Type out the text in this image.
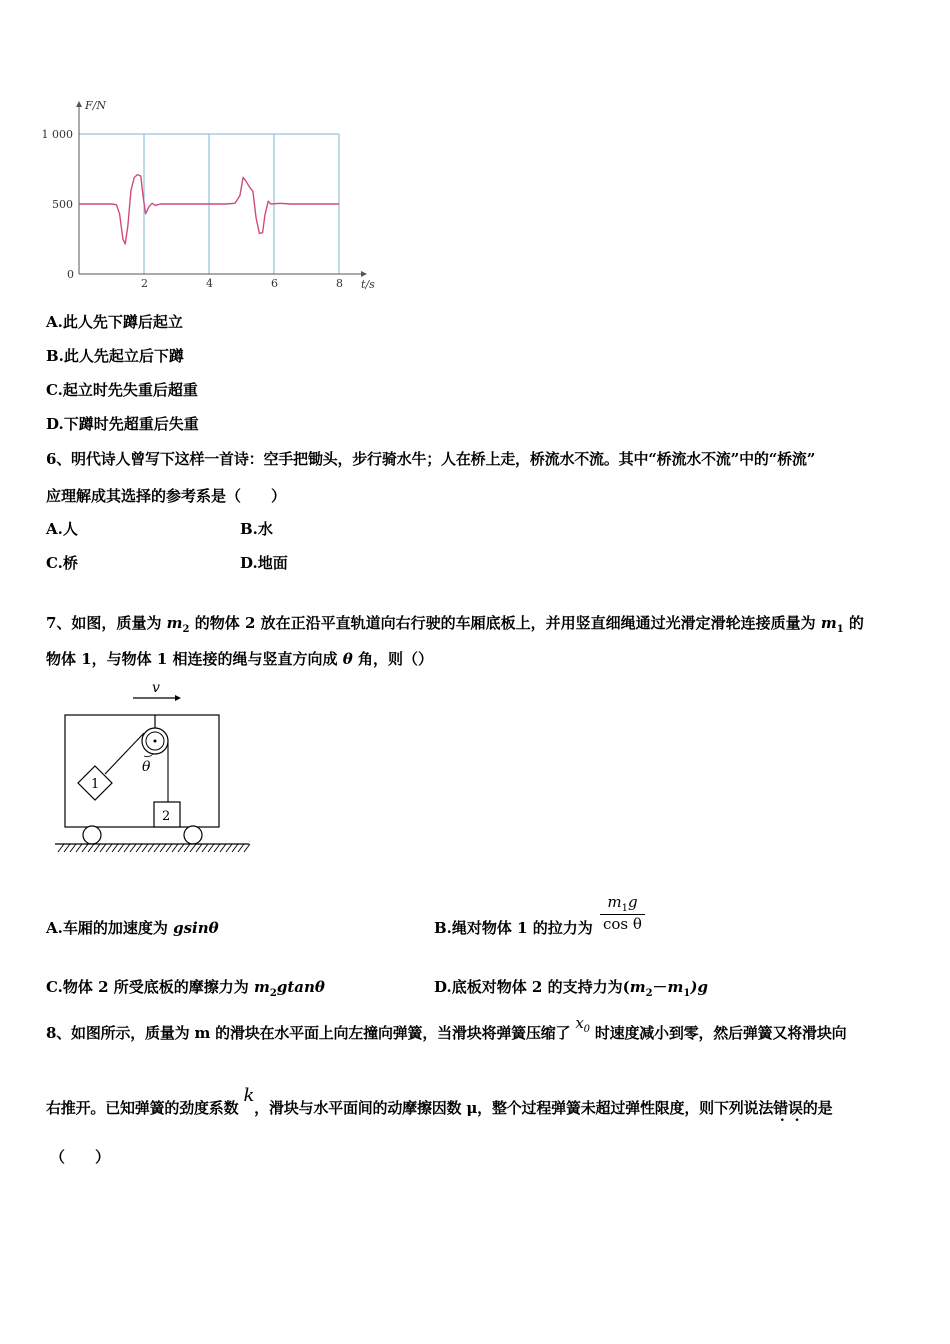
2	4	6	8
1 000
500
0
t/s
F/N
A.此人先下蹲后起立
B.此人先起立后下蹲
C.起立时先失重后超重
D.下蹲时先超重后失重
6、明代诗人曾写下这样一首诗：空手把锄头，步行骑水牛；人在桥上走，桥流水不流。其中“桥流水不流”中的“桥流”
应理解成其选择的参考系是（　　）
A.人	B.水
C.桥	D.地面
7、如图，质量为 $m_2$ 的物体 2 放在正沿平直轨道向右行驶的车厢底板上，并用竖直细绳通过光滑定滑轮连接质量为 $m_1$ 的
物体 1，与物体 1 相连接的绳与竖直方向成 θ 角，则（）
v
θ
1
2
A.车厢的加速度为 gsinθ	B.绳对物体 1 的拉力为 $\frac{m_1g}{\text{cos θ}}$
C.物体 2 所受底板的摩擦力为 $m_2gtan\theta$	D.底板对物体 2 的支持力为$(m_2-m_1)g$
8、如图所示，质量为 m 的滑块在水平面上向左撞向弹簧，当滑块将弹簧压缩了 $x_0$ 时速度减小到零，然后弹簧又将滑块向
右推开。已知弹簧的劲度系数 k，滑块与水平面间的动摩擦因数 μ，整个过程弹簧未超过弹性限度，则下列说法错误的是
（　　）
